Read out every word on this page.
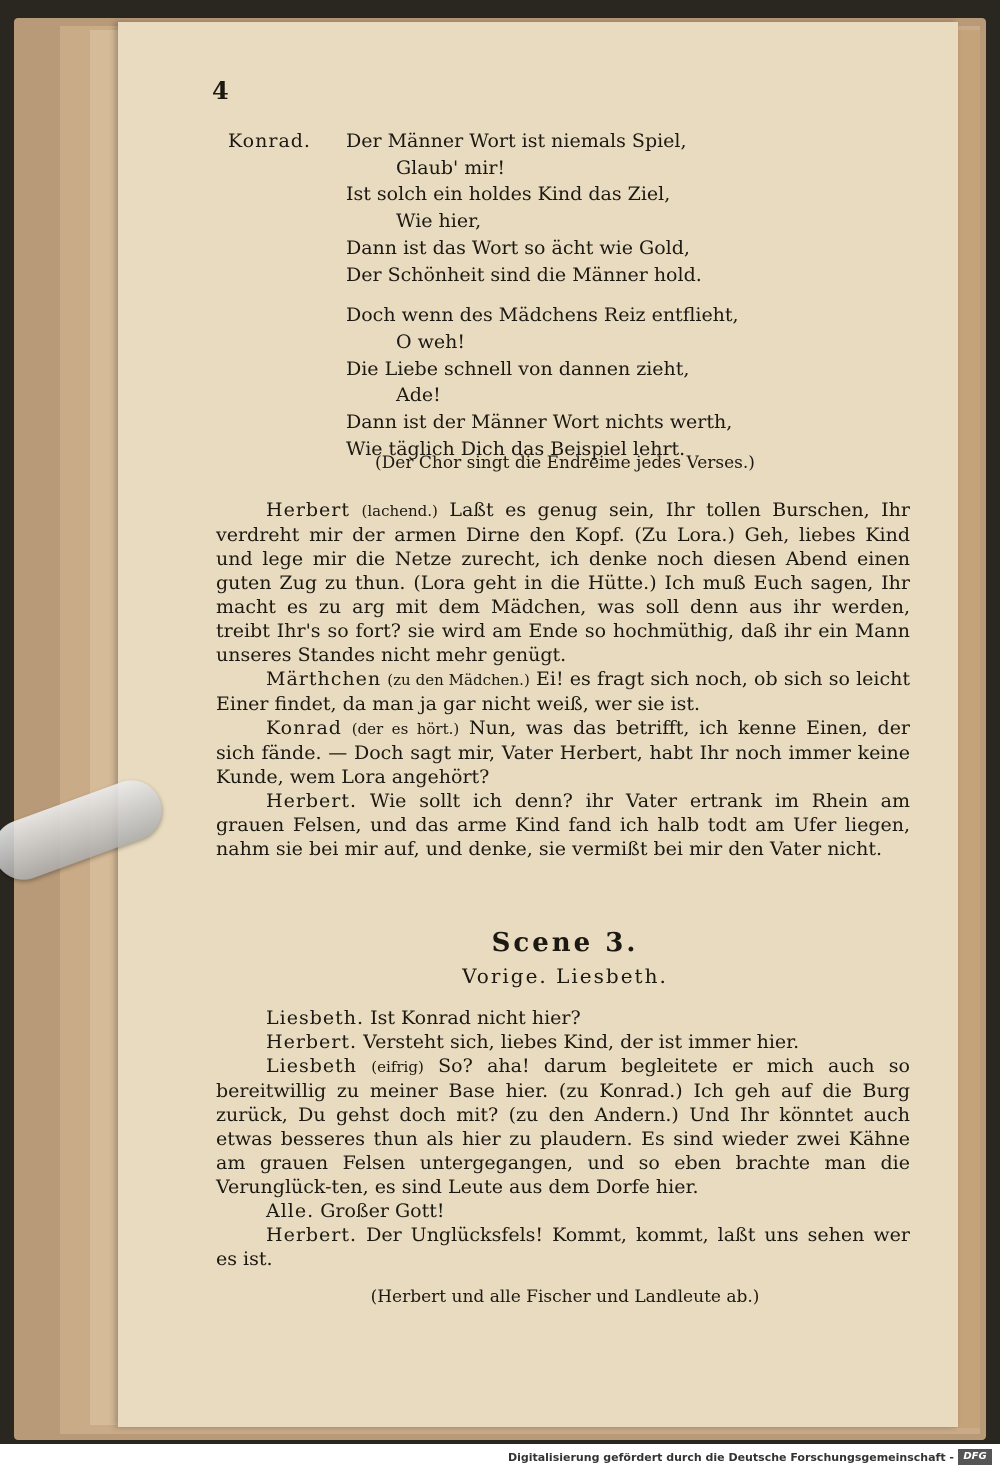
4
Konrad.	Der Männer Wort ist niemals Spiel,
Glaub' mir!
Ist solch ein holdes Kind das Ziel,
Wie hier,
Dann ist das Wort so ächt wie Gold,
Der Schönheit sind die Männer hold.
Doch wenn des Mädchens Reiz entflieht,
O weh!
Die Liebe schnell von dannen zieht,
Ade!
Dann ist der Männer Wort nichts werth,
Wie täglich Dich das Beispiel lehrt.
(Der Chor singt die Endreime jedes Verses.)

Herbert (lachend.) Laßt es genug sein, Ihr tollen Burschen, Ihr verdreht mir der armen Dirne den Kopf. (Zu Lora.) Geh, liebes Kind und lege mir die Netze zurecht, ich denke noch diesen Abend einen guten Zug zu thun. (Lora geht in die Hütte.) Ich muß Euch sagen, Ihr macht es zu arg mit dem Mädchen, was soll denn aus ihr werden, treibt Ihr's so fort? sie wird am Ende so hochmüthig, daß ihr ein Mann unseres Standes nicht mehr genügt.

Märthchen (zu den Mädchen.) Ei! es fragt sich noch, ob sich so leicht Einer findet, da man ja gar nicht weiß, wer sie ist.

Konrad (der es hört.) Nun, was das betrifft, ich kenne Einen, der sich fände. — Doch sagt mir, Vater Herbert, habt Ihr noch immer keine Kunde, wem Lora angehört?

Herbert. Wie sollt ich denn? ihr Vater ertrank im Rhein am grauen Felsen, und das arme Kind fand ich halb todt am Ufer liegen, nahm sie bei mir auf, und denke, sie vermißt bei mir den Vater nicht.

Scene 3.
Vorige. Liesbeth.

Liesbeth. Ist Konrad nicht hier?

Herbert. Versteht sich, liebes Kind, der ist immer hier.

Liesbeth (eifrig) So? aha! darum begleitete er mich auch so bereitwillig zu meiner Base hier. (zu Konrad.) Ich geh auf die Burg zurück, Du gehst doch mit? (zu den Andern.) Und Ihr könntet auch etwas besseres thun als hier zu plaudern. Es sind wieder zwei Kähne am grauen Felsen untergegangen, und so eben brachte man die Verunglück-ten, es sind Leute aus dem Dorfe hier.

Alle. Großer Gott!

Herbert. Der Unglücksfels! Kommt, kommt, laßt uns sehen wer es ist.

(Herbert und alle Fischer und Landleute ab.)
Digitalisierung gefördert durch die Deutsche Forschungsgemeinschaft - DFG
